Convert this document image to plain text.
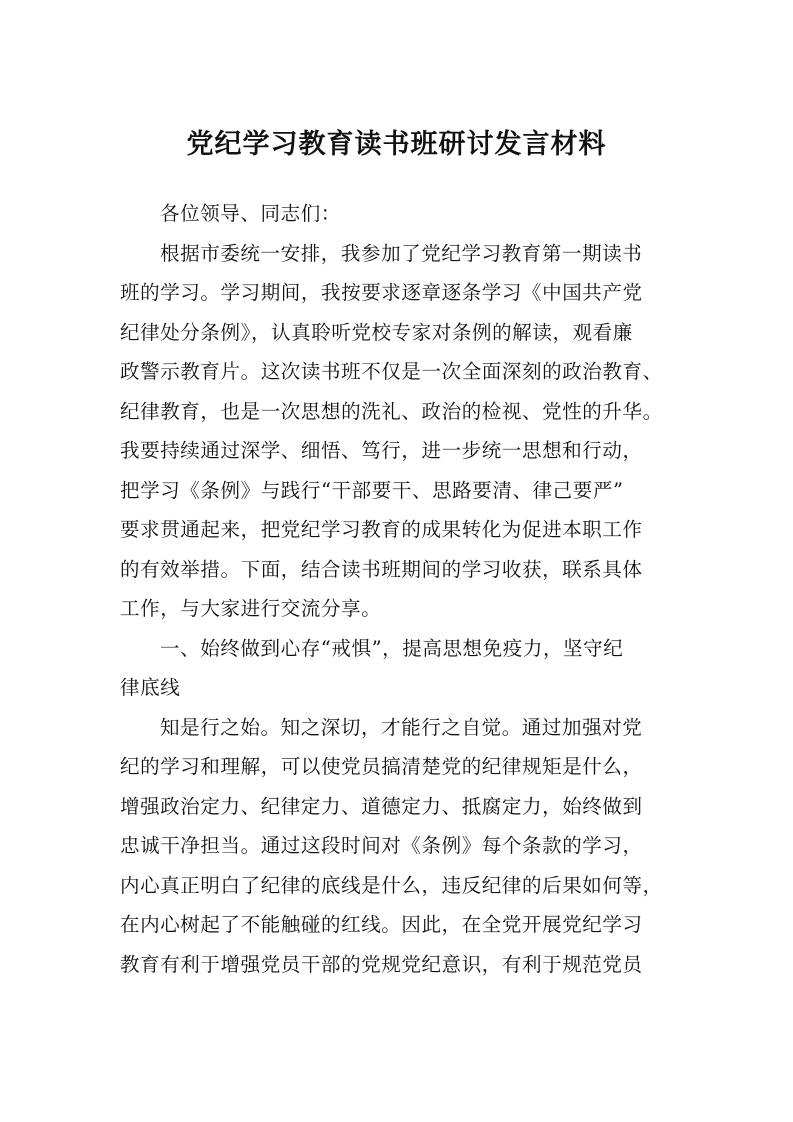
党纪学习教育读书班研讨发言材料
各位领导、同志们：
根据市委统一安排，我参加了党纪学习教育第一期读书
班的学习。学习期间，我按要求逐章逐条学习《中国共产党
纪律处分条例》，认真聆听党校专家对条例的解读，观看廉
政警示教育片。这次读书班不仅是一次全面深刻的政治教育、
纪律教育，也是一次思想的洗礼、政治的检视、党性的升华。
我要持续通过深学、细悟、笃行，进一步统一思想和行动，
把学习《条例》与践行“干部要干、思路要清、律己要严”
要求贯通起来，把党纪学习教育的成果转化为促进本职工作
的有效举措。下面，结合读书班期间的学习收获，联系具体
工作，与大家进行交流分享。
一、始终做到心存“戒惧”，提高思想免疫力，坚守纪
律底线
知是行之始。知之深切，才能行之自觉。通过加强对党
纪的学习和理解，可以使党员搞清楚党的纪律规矩是什么，
增强政治定力、纪律定力、道德定力、抵腐定力，始终做到
忠诚干净担当。通过这段时间对《条例》每个条款的学习，
内心真正明白了纪律的底线是什么，违反纪律的后果如何等，
在内心树起了不能触碰的红线。因此，在全党开展党纪学习
教育有利于增强党员干部的党规党纪意识，有利于规范党员
